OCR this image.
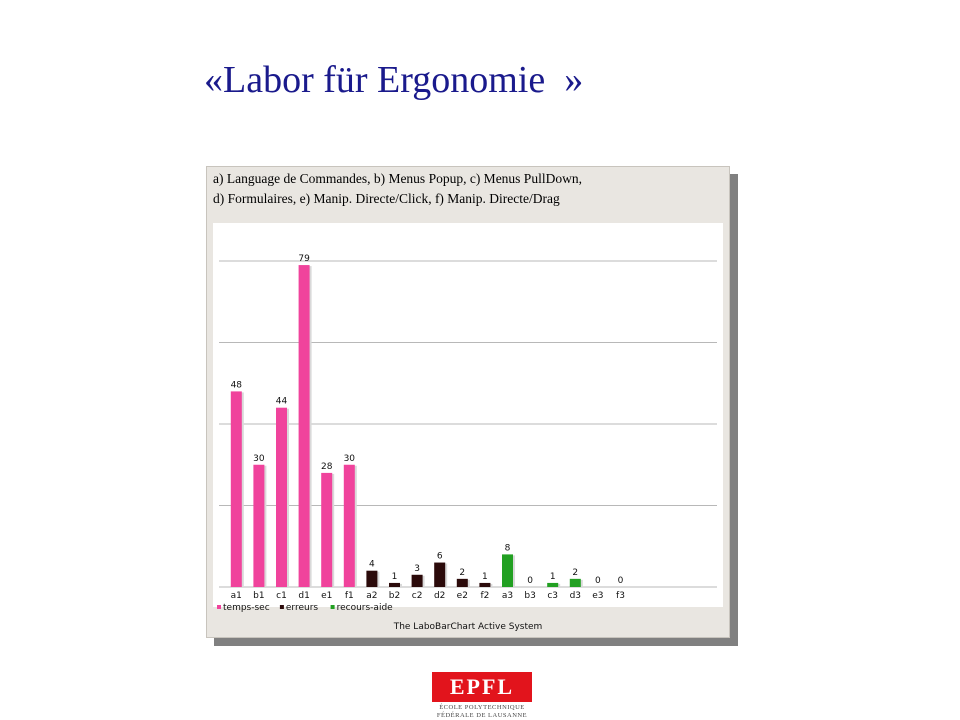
«Labor für Ergonomie  »
a) Language de Commandes, b) Menus Popup, c) Menus PullDown,
d) Formulaires, e) Manip. Directe/Click, f) Manip. Directe/Drag
48
a1
30
b1
44
c1
79
d1
28
e1
30
f1
4
a2
1
b2
3
c2
6
d2
2
e2
1
f2
8
a3
0
b3
1
c3
2
d3
0
e3
0
f3
temps-sec erreurs recours-aide
The LaboBarChart Active System
EPFL
ÉCOLE POLYTECHNIQUE
FÉDÉRALE DE LAUSANNE
